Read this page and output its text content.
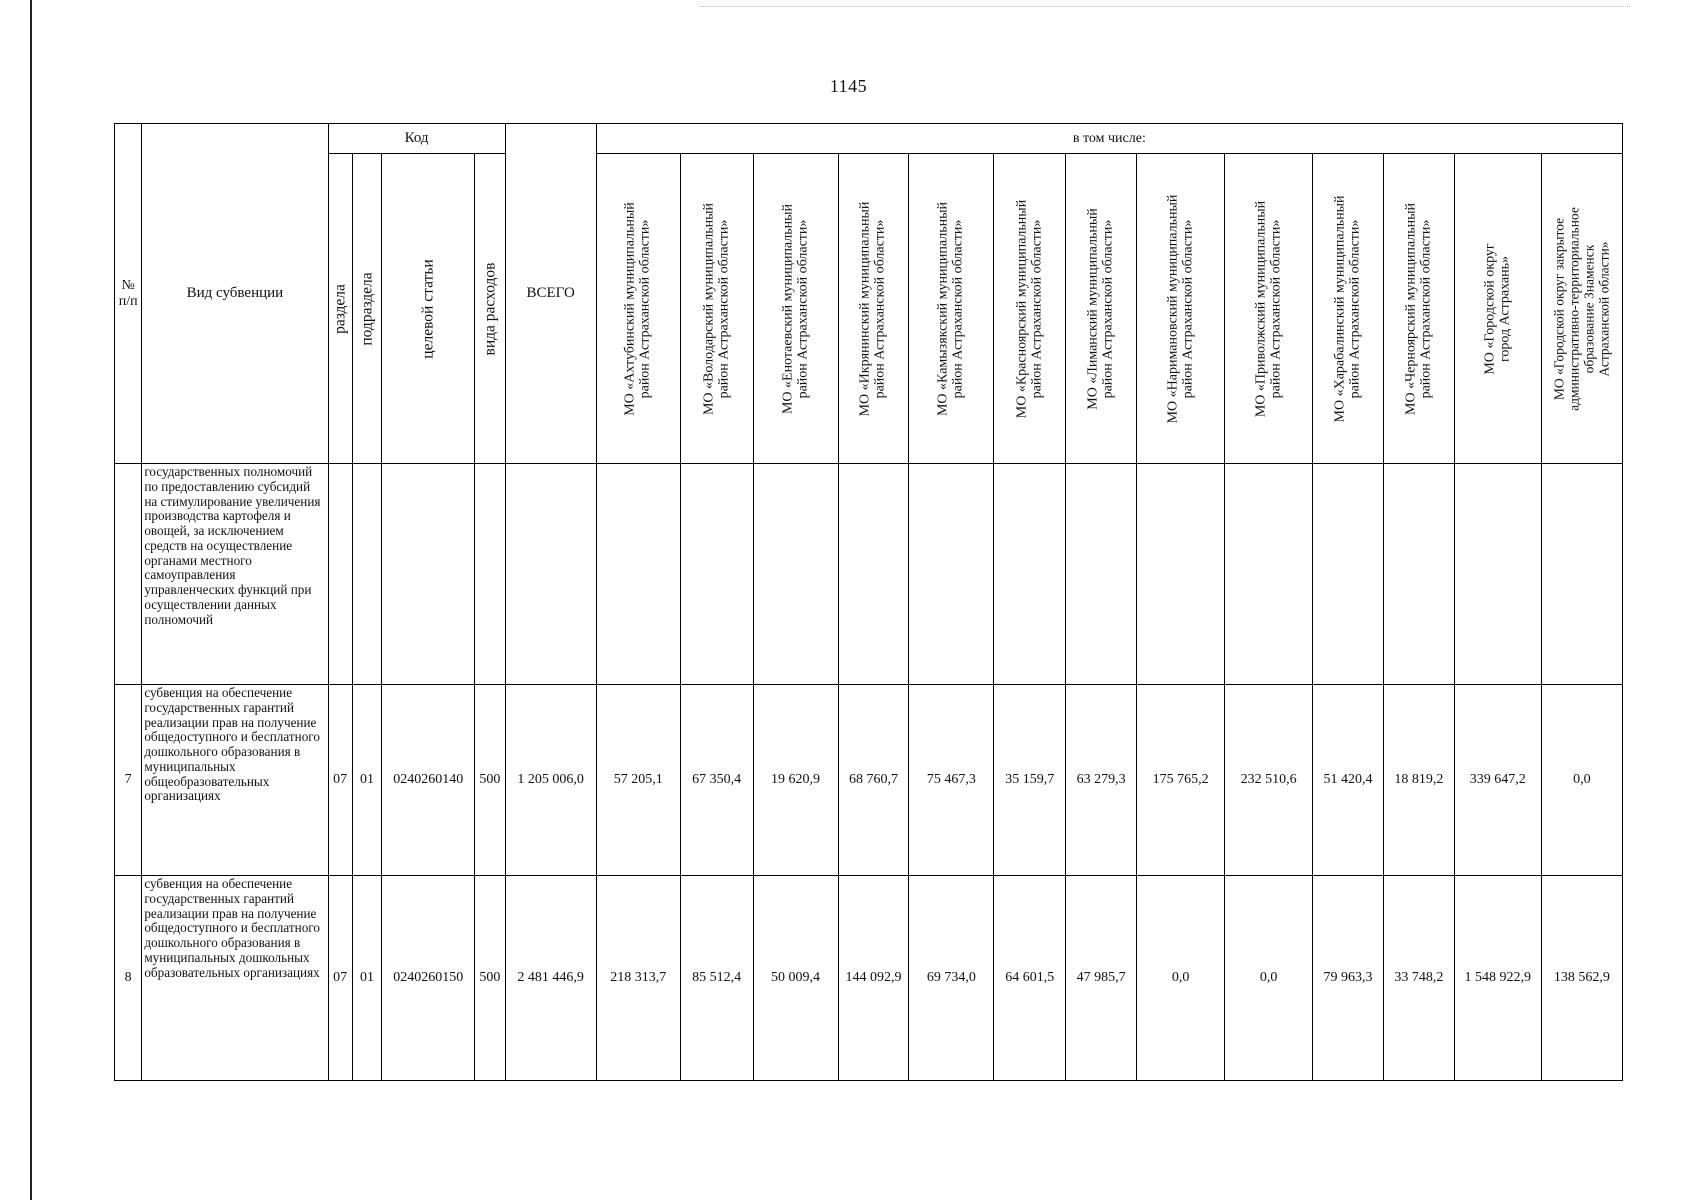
1145
№
п/п	Вид субвенции	Код				ВСЕГО	в том числе:												

		раздела	подраздела	целевой статьи	вида расходов		МО «Ахтубинский муниципальный
район Астраханской области»	МО «Володарский муниципальный
район Астраханской области»	МО «Енотаевский муниципальный
район Астраханской области»	МО «Икрянинский муниципальный
район Астраханской области»	МО «Камызякский муниципальный
район Астраханской области»	МО «Красноярский муниципальный
район Астраханской области»	МО «Лиманский муниципальный
район Астраханской области»	МО «Наримановский муниципальный
район Астраханской области»	МО «Приволжский муниципальный
район Астраханской области»	МО «Харабалинский муниципальный
район Астраханской области»	МО «Черноярский муниципальный
район Астраханской области»	МО «Городской округ
город Астрахань»	МО «Городской округ закрытое
административно-территориальное
образование Знаменск
Астраханской области»

	государственных полномочий по предоставлению субсидий на стимулирование увеличения производства картофеля и овощей, за исключением средств на осуществление органами местного самоуправления управленческих функций при осуществлении данных полномочий																		
7	субвенция на обеспечение государственных гарантий реализации прав на получение общедоступного и бесплатного дошкольного образования в муниципальных общеобразовательных организациях	07	01	0240260140	500	1 205 006,0	57 205,1	67 350,4	19 620,9	68 760,7	75 467,3	35 159,7	63 279,3	175 765,2	232 510,6	51 420,4	18 819,2	339 647,2	0,0
8	субвенция на обеспечение государственных гарантий реализации прав на получение общедоступного и бесплатного дошкольного образования в муниципальных дошкольных образовательных организациях	07	01	0240260150	500	2 481 446,9	218 313,7	85 512,4	50 009,4	144 092,9	69 734,0	64 601,5	47 985,7	0,0	0,0	79 963,3	33 748,2	1 548 922,9	138 562,9
